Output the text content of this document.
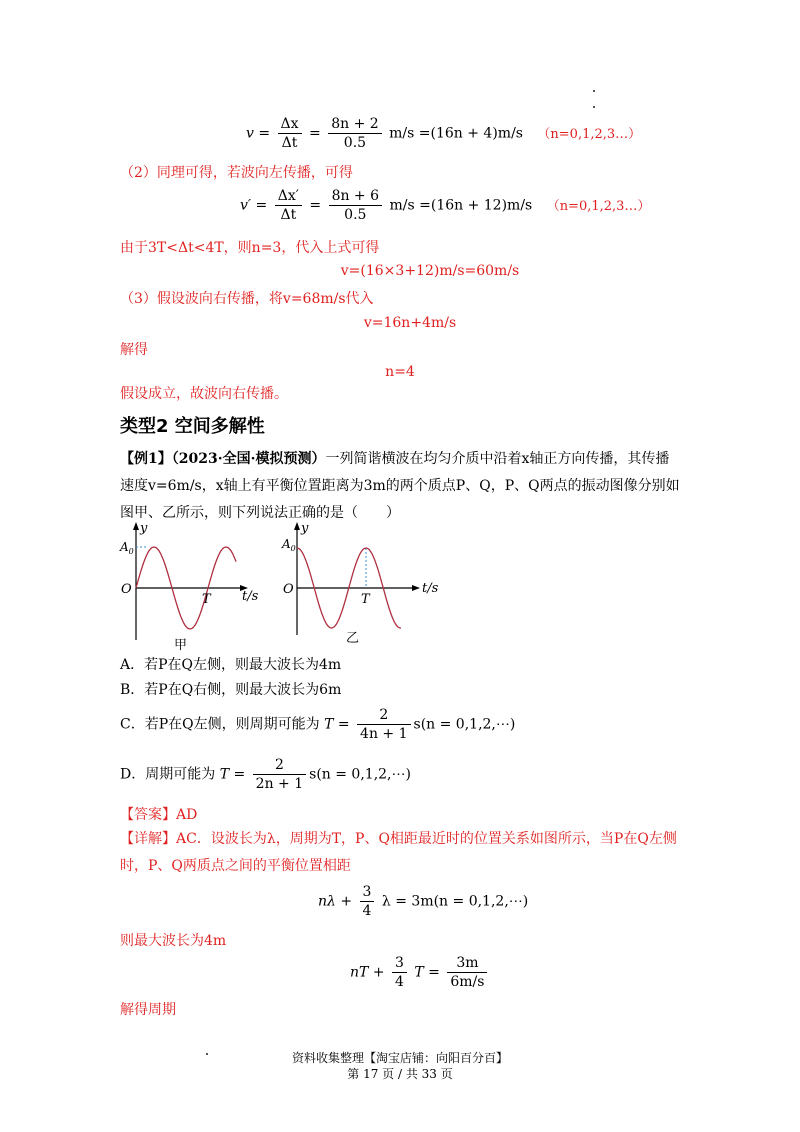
$v = \frac{\Delta x}{\Delta t} = \frac{8n + 2}{0.5} m/s =(16n + 4)m/s$ （n=0,1,2,3…）
（2）同理可得，若波向左传播，可得
$v' = \frac{\Delta x'}{\Delta t} = \frac{8n + 6}{0.5} m/s =(16n + 12)m/s$ （n=0,1,2,3…）
由于3T<Δt<4T，则n=3，代入上式可得
v=(16×3+12)m/s=60m/s
（3）假设波向右传播，将v=68m/s代入
v=16n+4m/s
解得
n=4
假设成立，故波向右传播。
类型2 空间多解性
【例1】（2023·全国·模拟预测）一列简谐横波在均匀介质中沿着x轴正方向传播，其传播速度v=6m/s，x轴上有平衡位置距离为3m的两个质点P、Q，P、Q两点的振动图像分别如图甲、乙所示，则下列说法正确的是（　　）
y
$A_0$
O
T t/s
甲
y
$A_0$
O
T
t/s
乙
A．若P在Q左侧，则最大波长为4m
B．若P在Q右侧，则最大波长为6m
C．若P在Q左侧，则周期可能为 $T = \frac{2}{4n + 1} s(n$ = 0,1,2,⋯)
D．周期可能为 $T = \frac{2}{2n + 1} s(n$ = 0,1,2,⋯)
【答案】AD
【详解】AC．设波长为λ，周期为T，P、Q相距最近时的位置关系如图所示，当P在Q左侧时，P、Q两质点之间的平衡位置相距
$n\lambda + \frac{3}{4}$ λ = 3m(n = 0,1,2,⋯)
则最大波长为4m
nT + $\frac{3}{4}$ $T = \frac{3m}{6m/s}$
解得周期
资料收集整理【淘宝店铺：向阳百分百】
第 17 页 / 共 33 页
